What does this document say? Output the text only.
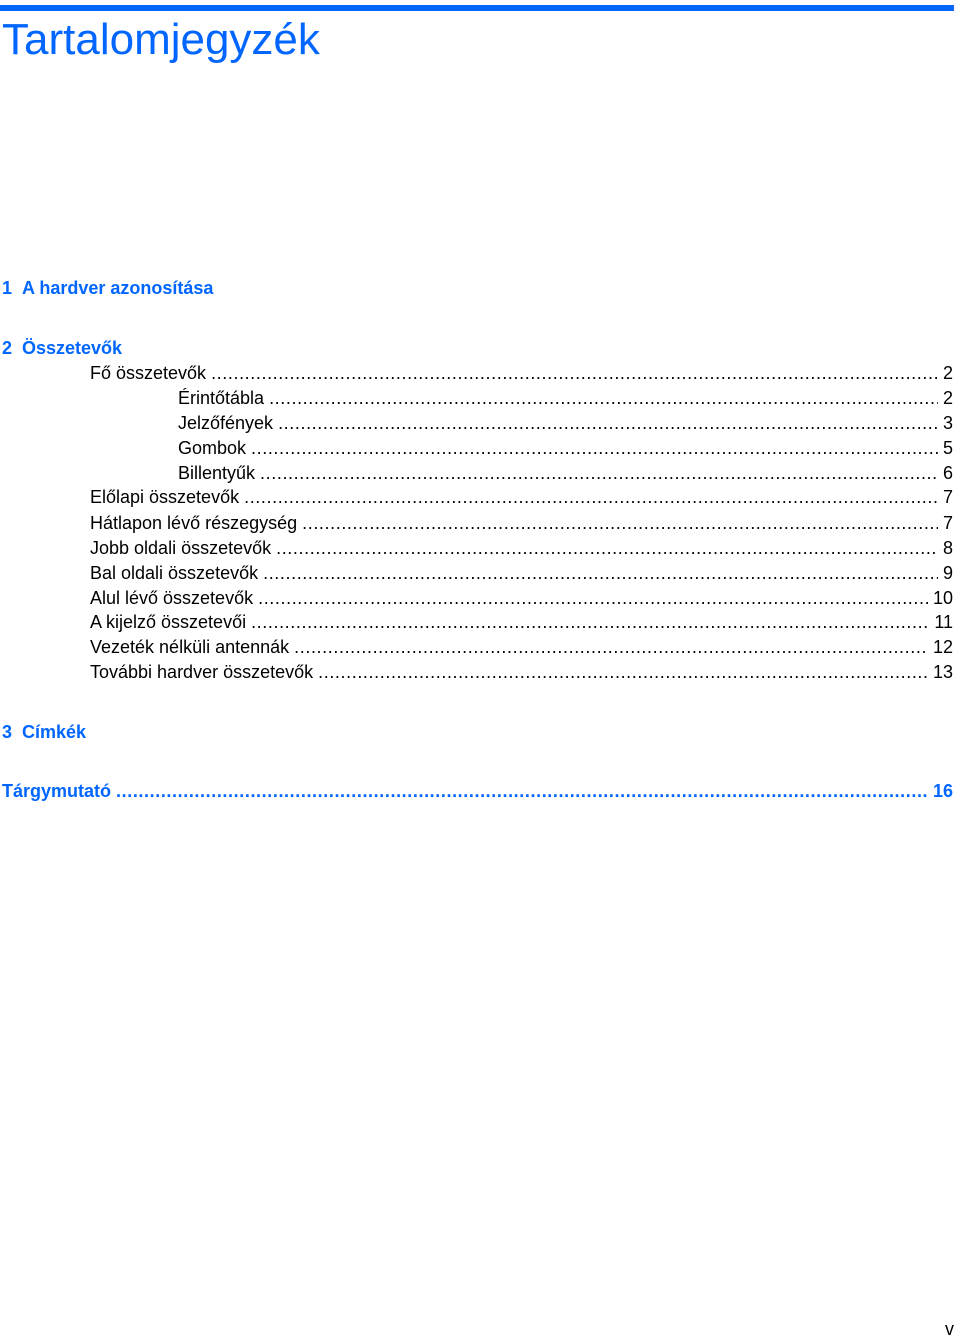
Tartalomjegyzék
1 A hardver azonosítása
2 Összetevők
Fő összetevők .....	2
Érintőtábla .....	2
Jelzőfények .....	3
Gombok .....	5
Billentyűk .....	6
Előlapi összetevők .....	7
Hátlapon lévő részegység .....	7
Jobb oldali összetevők .....	8
Bal oldali összetevők .....	9
Alul lévő összetevők .....	10
A kijelző összetevői .....	11
Vezeték nélküli antennák .....	12
További hardver összetevők .....	13
3 Címkék
Tárgymutató .....	16
v
